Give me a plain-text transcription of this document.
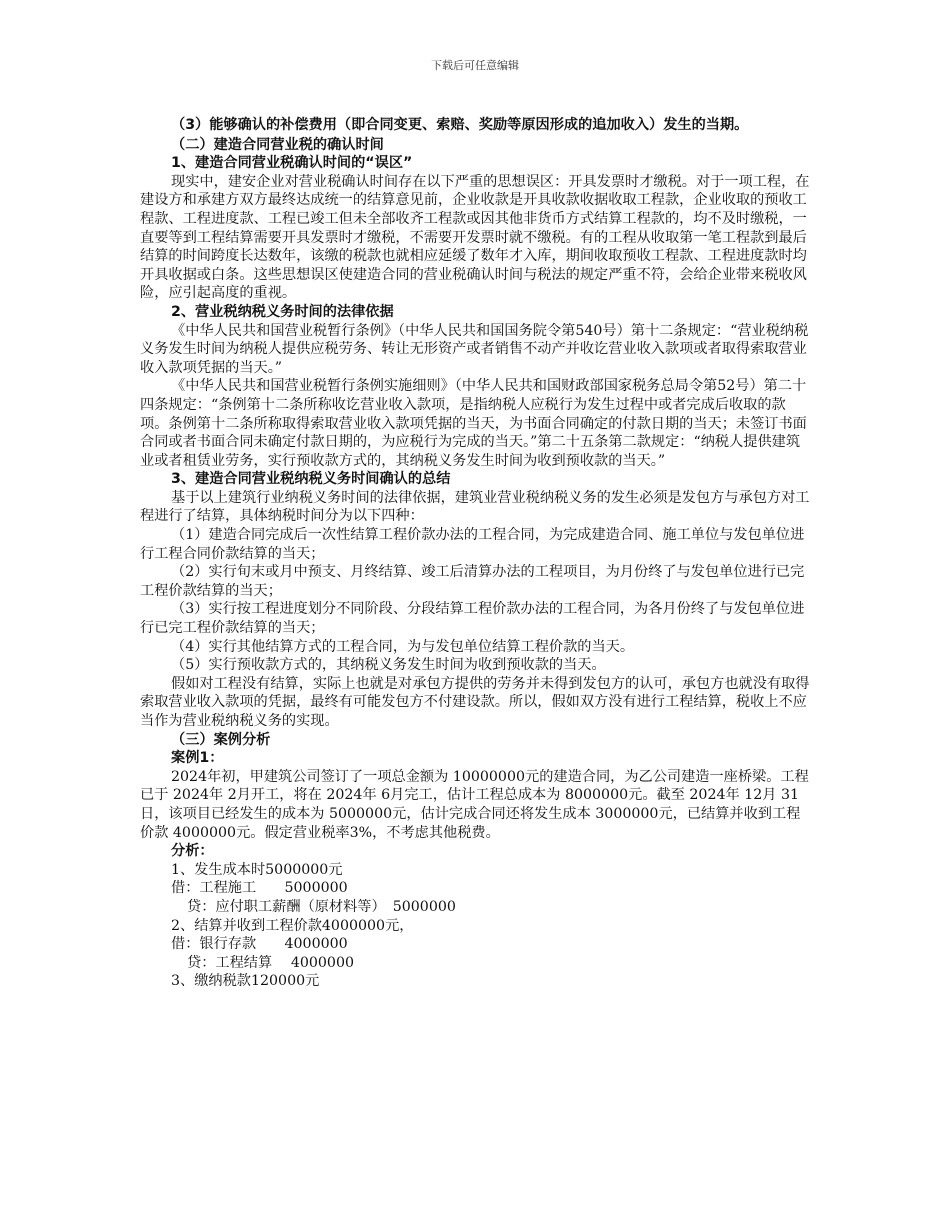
下载后可任意编辑

（3）能够确认的补偿费用（即合同变更、索赔、奖励等原因形成的追加收入）发生的当期。

（二）建造合同营业税的确认时间

1、建造合同营业税确认时间的“误区”

现实中，建安企业对营业税确认时间存在以下严重的思想误区：开具发票时才缴税。对于一项工程，在建设方和承建方双方最终达成统一的结算意见前，企业收款是开具收款收据收取工程款，企业收取的预收工程款、工程进度款、工程已竣工但未全部收齐工程款或因其他非货币方式结算工程款的，均不及时缴税，一直要等到工程结算需要开具发票时才缴税，不需要开发票时就不缴税。有的工程从收取第一笔工程款到最后结算的时间跨度长达数年，该缴的税款也就相应延缓了数年才入库，期间收取预收工程款、工程进度款时均开具收据或白条。这些思想误区使建造合同的营业税确认时间与税法的规定严重不符，会给企业带来税收风险，应引起高度的重视。

2、营业税纳税义务时间的法律依据

《中华人民共和国营业税暂行条例》（中华人民共和国国务院令第540号）第十二条规定：“营业税纳税义务发生时间为纳税人提供应税劳务、转让无形资产或者销售不动产并收讫营业收入款项或者取得索取营业收入款项凭据的当天。”

《中华人民共和国营业税暂行条例实施细则》（中华人民共和国财政部国家税务总局令第52号）第二十四条规定：“条例第十二条所称收讫营业收入款项，是指纳税人应税行为发生过程中或者完成后收取的款项。条例第十二条所称取得索取营业收入款项凭据的当天，为书面合同确定的付款日期的当天；未签订书面合同或者书面合同未确定付款日期的，为应税行为完成的当天。”第二十五条第二款规定：“纳税人提供建筑业或者租赁业劳务，实行预收款方式的，其纳税义务发生时间为收到预收款的当天。”

3、建造合同营业税纳税义务时间确认的总结

基于以上建筑行业纳税义务时间的法律依据，建筑业营业税纳税义务的发生必须是发包方与承包方对工程进行了结算，具体纳税时间分为以下四种：

（1）建造合同完成后一次性结算工程价款办法的工程合同，为完成建造合同、施工单位与发包单位进行工程合同价款结算的当天；

（2）实行旬末或月中预支、月终结算、竣工后清算办法的工程项目，为月份终了与发包单位进行已完工程价款结算的当天；

（3）实行按工程进度划分不同阶段、分段结算工程价款办法的工程合同，为各月份终了与发包单位进行已完工程价款结算的当天；

（4）实行其他结算方式的工程合同，为与发包单位结算工程价款的当天。

（5）实行预收款方式的，其纳税义务发生时间为收到预收款的当天。

假如对工程没有结算，实际上也就是对承包方提供的劳务并未得到发包方的认可，承包方也就没有取得索取营业收入款项的凭据，最终有可能发包方不付建设款。所以，假如双方没有进行工程结算，税收上不应当作为营业税纳税义务的实现。

（三）案例分析

案例1：

2024年初，甲建筑公司签订了一项总金额为 10000000元的建造合同，为乙公司建造一座桥梁。工程已于 2024年 2月开工，将在 2024年 6月完工，估计工程总成本为 8000000元。截至 2024年 12月 31日，该项目已经发生的成本为 5000000元，估计完成合同还将发生成本 3000000元，已结算并收到工程价款 4000000元。假定营业税率3%，不考虑其他税费。

分析：

1、发生成本时5000000元

借：工程施工　　5000000

贷：应付职工薪酬（原材料等）　5000000

2、结算并收到工程价款4000000元，

借：银行存款　　4000000

贷：工程结算　 4000000

3、缴纳税款120000元
